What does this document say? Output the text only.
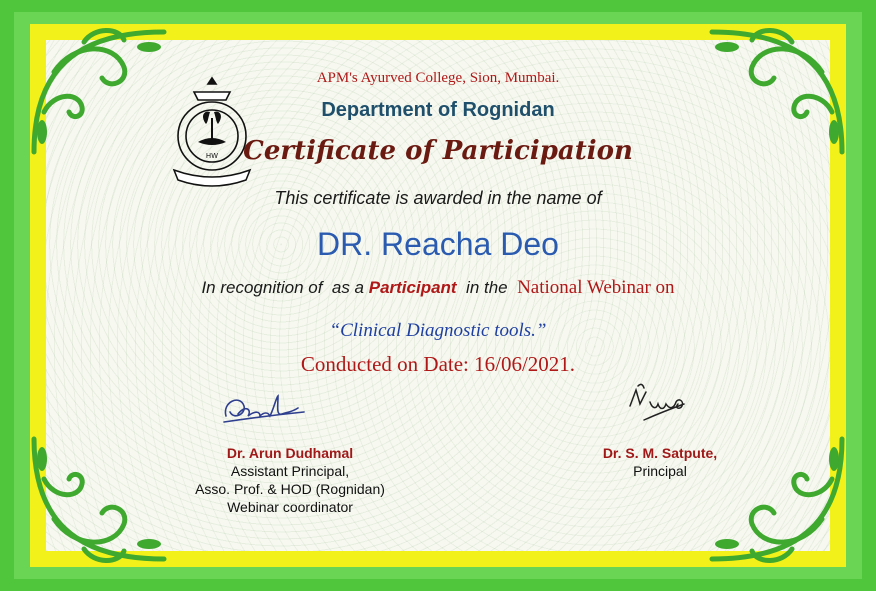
HW
APM's Ayurved College, Sion, Mumbai.
Department of Rognidan
Certificate of Participation
This certificate is awarded in the name of
DR. Reacha Deo
In recognition of  as a Participant  in the  National Webinar on
“Clinical Diagnostic tools.”
Conducted on Date: 16/06/2021.
Dr. Arun Dudhamal
Assistant Principal,
Asso. Prof. & HOD (Rognidan)
Webinar coordinator
Dr. S. M. Satpute,
Principal
